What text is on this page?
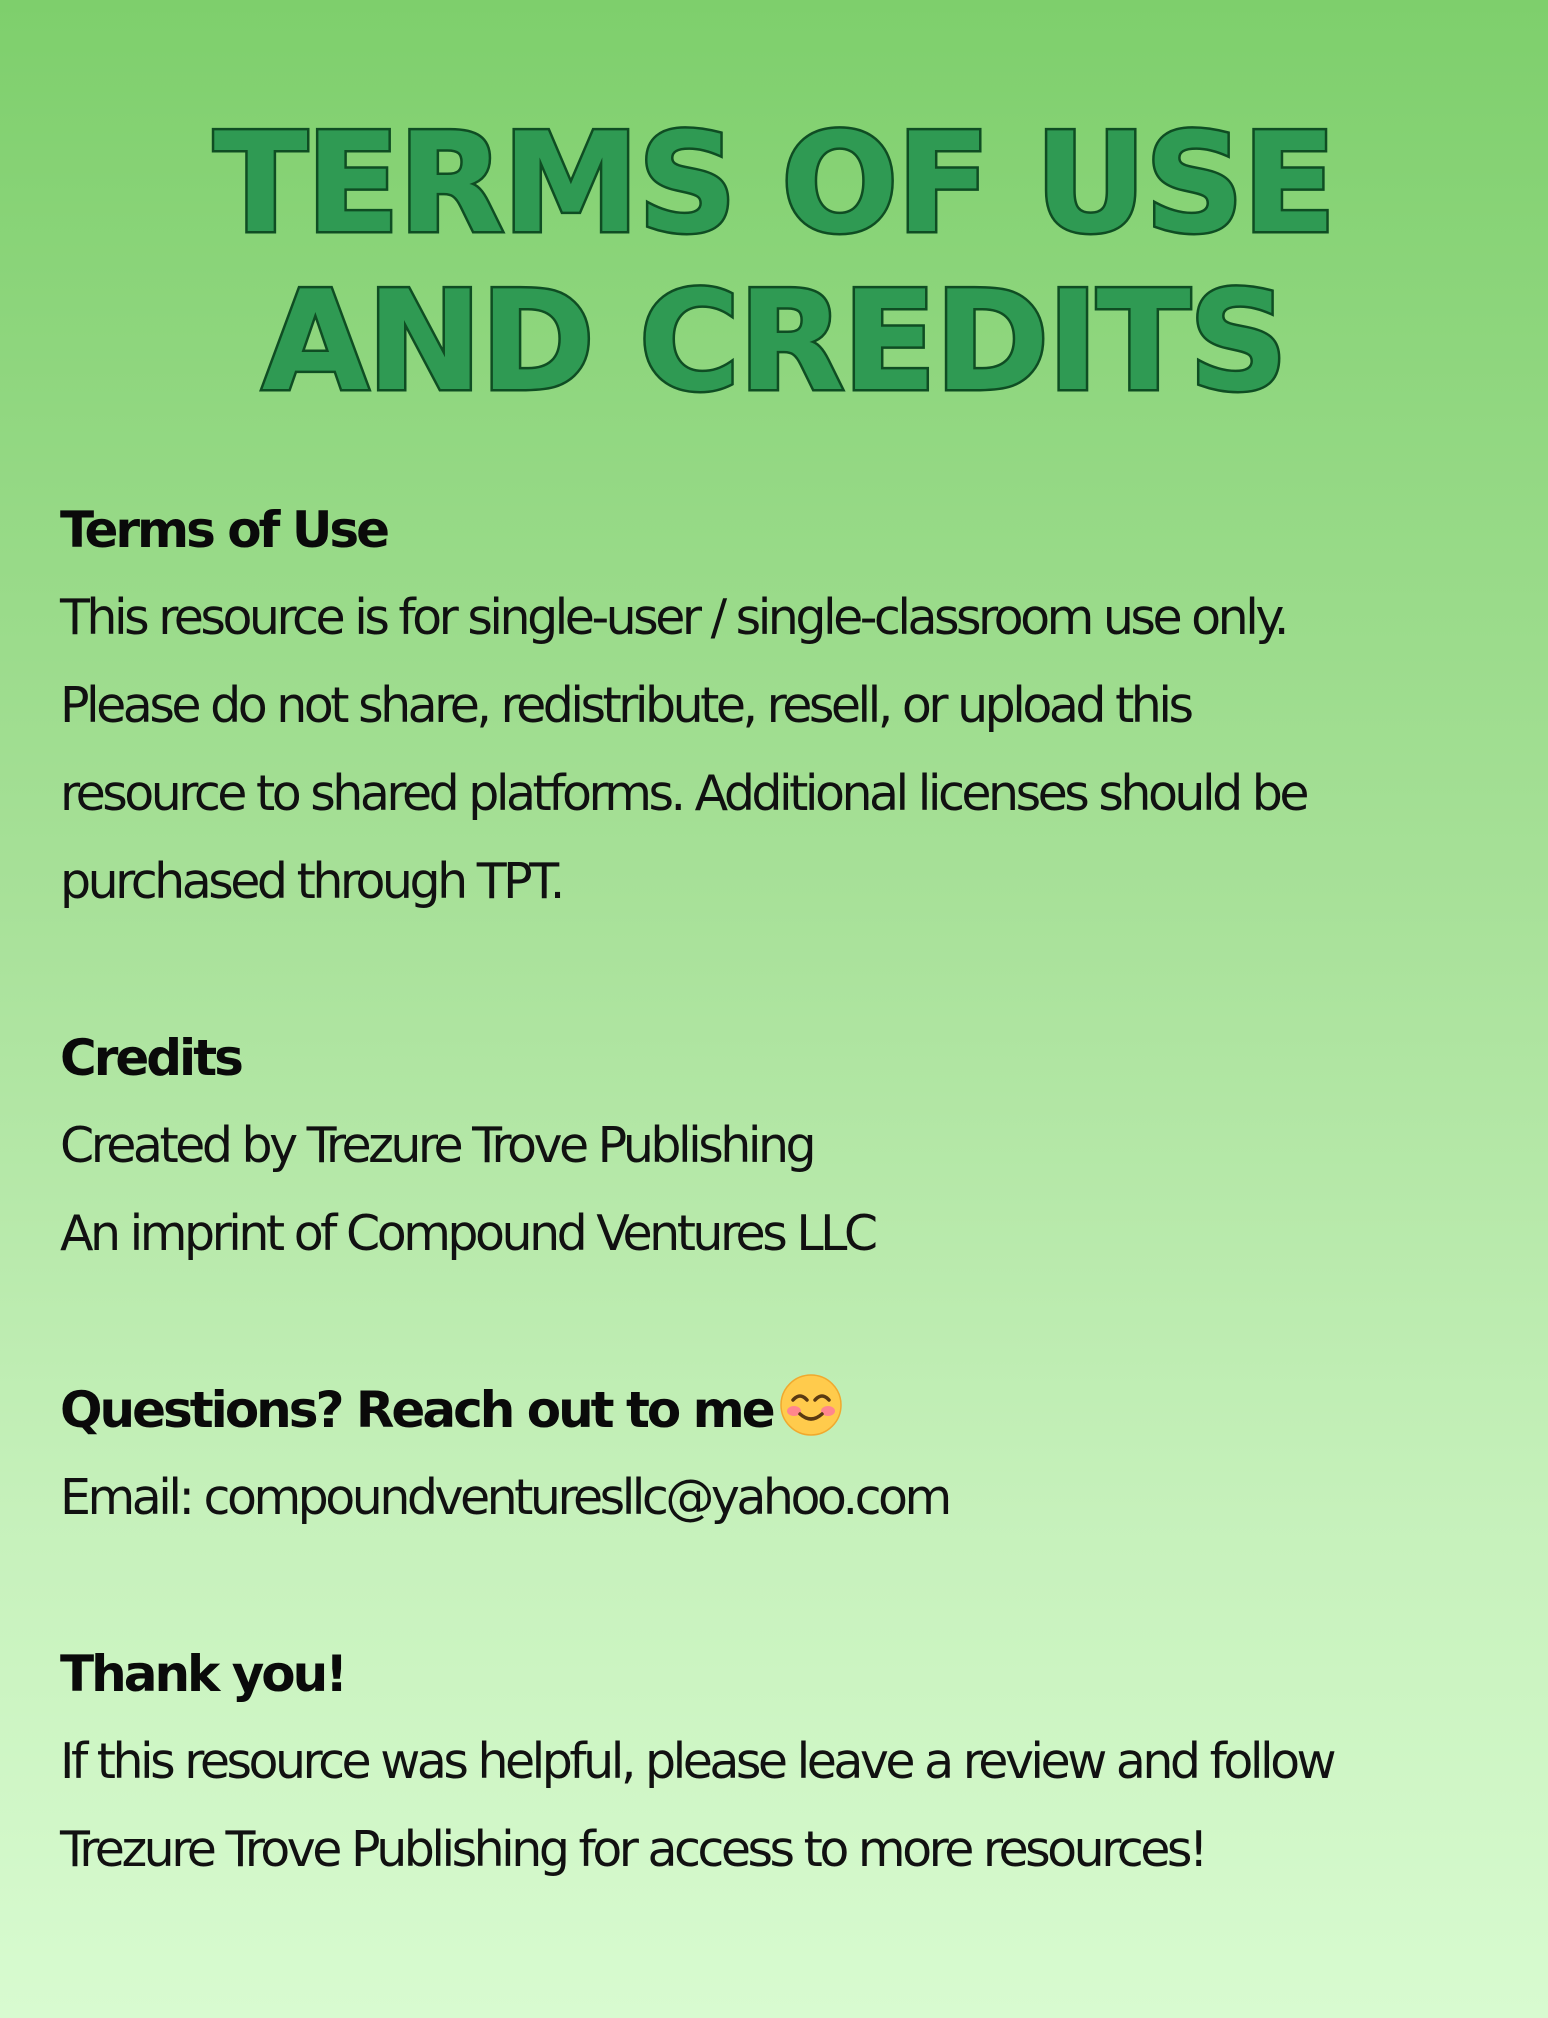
TERMS OF USE
AND CREDITS
Terms of Use

This resource is for single-user / single-classroom use only.
Please do not share, redistribute, resell, or upload this
resource to shared platforms. Additional licenses should be
purchased through TPT.

Credits

Created by Trezure Trove Publishing
An imprint of Compound Ventures LLC

Questions? Reach out to me

Email: compoundventuresllc@yahoo.com

Thank you!

If this resource was helpful, please leave a review and follow
Trezure Trove Publishing for access to more resources!
